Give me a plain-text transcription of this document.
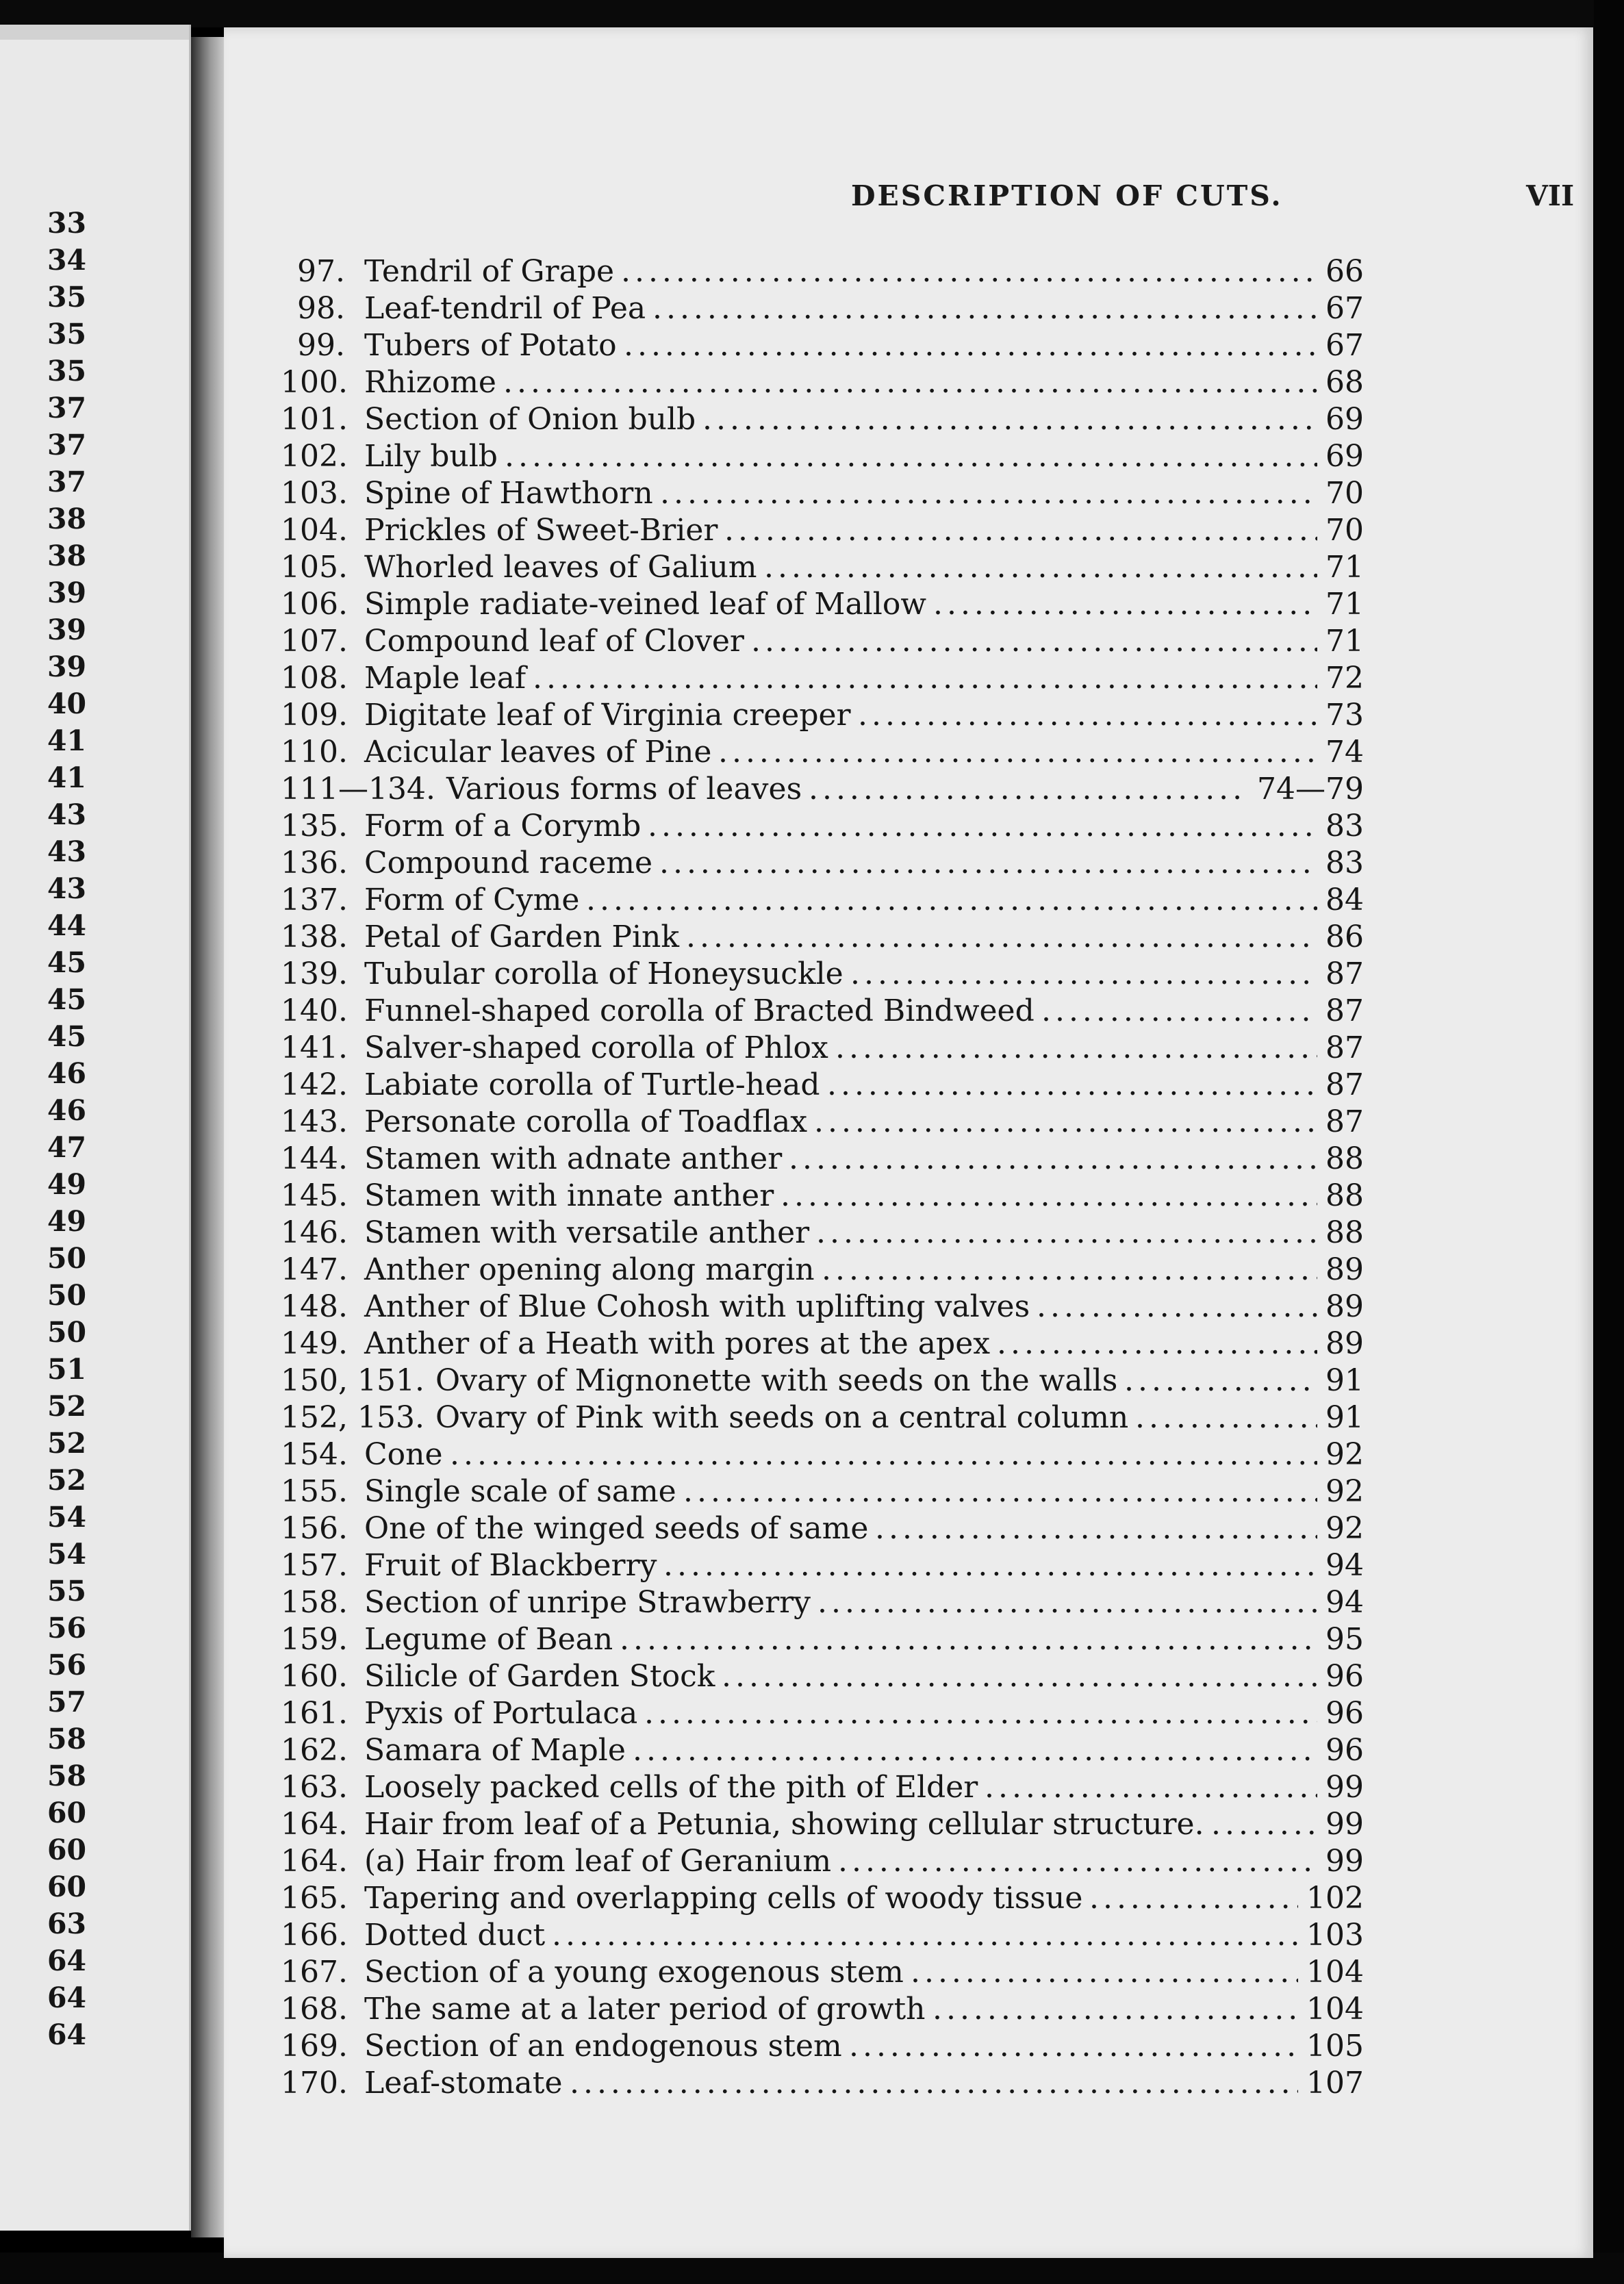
33
34
35
35
35
37
37
37
38
38
39
39
39
40
41
41
43
43
43
44
45
45
45
46
46
47
49
49
50
50
50
51
52
52
52
54
54
55
56
56
57
58
58
60
60
60
63
64
64
64
DESCRIPTION OF CUTS.	VII
97. Tendril of Grape . . .	66
98. Leaf-tendril of Pea . . .	67
99. Tubers of Potato . . .	67
100. Rhizome . . .	68
101. Section of Onion bulb . . .	69
102. Lily bulb . . .	69
103. Spine of Hawthorn . . .	70
104. Prickles of Sweet-Brier . . .	70
105. Whorled leaves of Galium . . .	71
106. Simple radiate-veined leaf of Mallow . . .	71
107. Compound leaf of Clover . . .	71
108. Maple leaf . . .	72
109. Digitate leaf of Virginia creeper . . .	73
110. Acicular leaves of Pine . . .	74
111—134. Various forms of leaves . . .	74—79
135. Form of a Corymb . . .	83
136. Compound raceme . . .	83
137. Form of Cyme . . .	84
138. Petal of Garden Pink . . .	86
139. Tubular corolla of Honeysuckle . . .	87
140. Funnel-shaped corolla of Bracted Bindweed . . .	87
141. Salver-shaped corolla of Phlox . . .	87
142. Labiate corolla of Turtle-head . . .	87
143. Personate corolla of Toadflax . . .	87
144. Stamen with adnate anther . . .	88
145. Stamen with innate anther . . .	88
146. Stamen with versatile anther . . .	88
147. Anther opening along margin . . .	89
148. Anther of Blue Cohosh with uplifting valves . . .	89
149. Anther of a Heath with pores at the apex . . .	89
150, 151. Ovary of Mignonette with seeds on the walls . . .	91
152, 153. Ovary of Pink with seeds on a central column . . .	91
154. Cone . . .	92
155. Single scale of same . . .	92
156. One of the winged seeds of same . . .	92
157. Fruit of Blackberry . . .	94
158. Section of unripe Strawberry . . .	94
159. Legume of Bean . . .	95
160. Silicle of Garden Stock . . .	96
161. Pyxis of Portulaca . . .	96
162. Samara of Maple . . .	96
163. Loosely packed cells of the pith of Elder . . .	99
164. Hair from leaf of a Petunia, showing cellular structure. . . .	99
164. (a) Hair from leaf of Geranium . . .	99
165. Tapering and overlapping cells of woody tissue . . .	102
166. Dotted duct . . .	103
167. Section of a young exogenous stem . . .	104
168. The same at a later period of growth . . .	104
169. Section of an endogenous stem . . .	105
170. Leaf-stomate . . .	107
